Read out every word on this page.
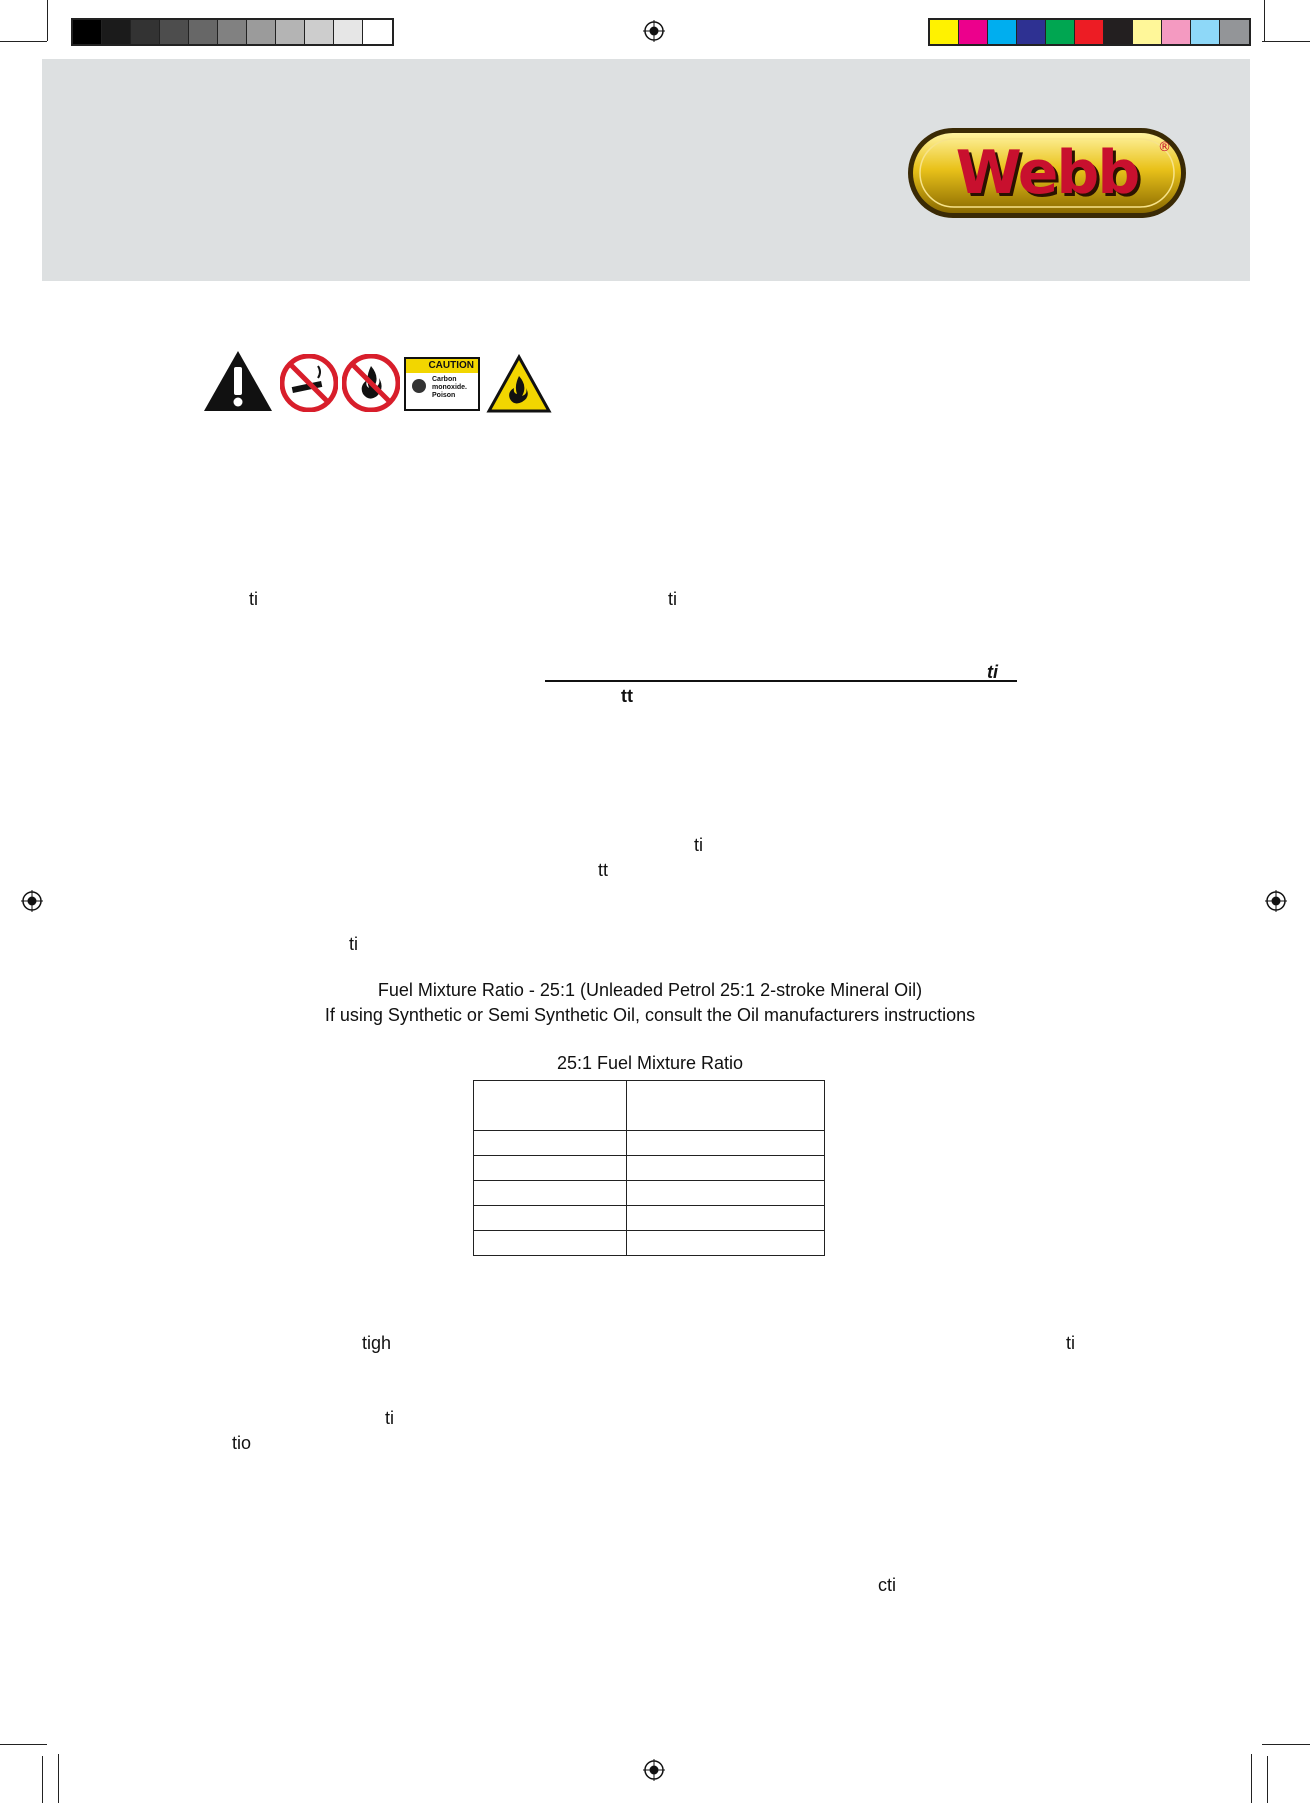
Webb	®
CAUTION
Carbon
monoxide.
Poison
ti	ti
ti
tt
ti
tt
ti
Fuel Mixture Ratio - 25:1 (Unleaded Petrol 25:1 2-stroke Mineral Oil)
If using Synthetic or Semi Synthetic Oil, consult the Oil manufacturers instructions
25:1 Fuel Mixture Ratio

tigh	ti
ti
tio
cti
